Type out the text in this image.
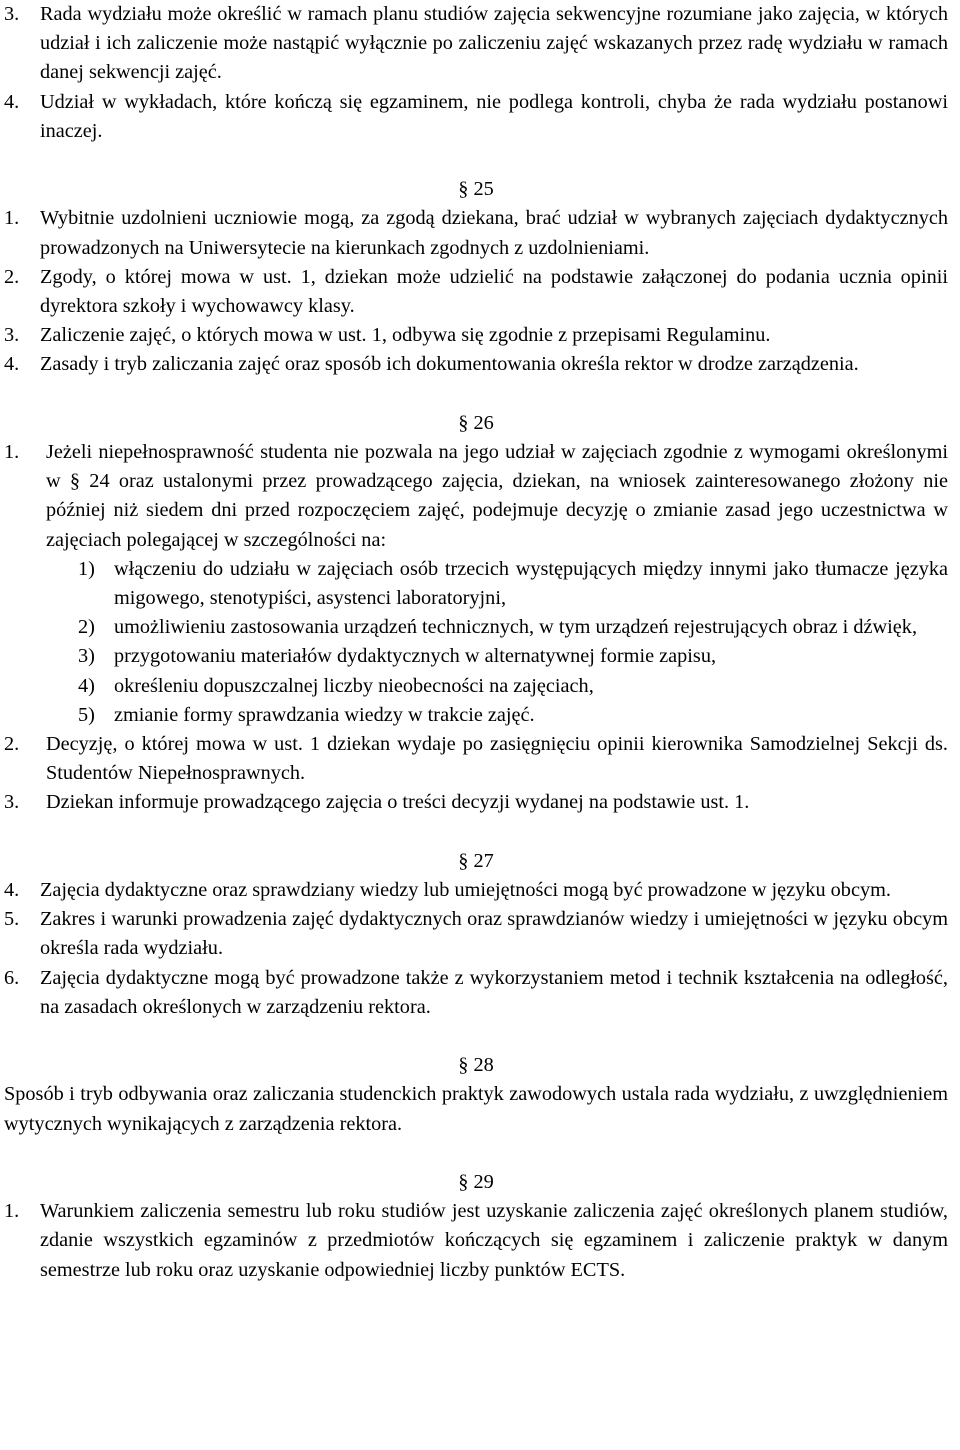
3.	Rada wydziału może określić w ramach planu studiów zajęcia sekwencyjne rozumiane jako zajęcia, w których udział i ich zaliczenie może nastąpić wyłącznie po zaliczeniu zajęć wskazanych przez radę wydziału w ramach danej sekwencji zajęć.
4.	Udział w wykładach, które kończą się egzaminem, nie podlega kontroli, chyba że rada wydziału postanowi inaczej.
§ 25
1.	Wybitnie uzdolnieni uczniowie mogą, za zgodą dziekana, brać udział w wybranych zajęciach dydaktycznych prowadzonych na Uniwersytecie na kierunkach zgodnych z uzdolnieniami.
2.	Zgody, o której mowa w ust. 1, dziekan może udzielić na podstawie załączonej do podania ucznia opinii dyrektora szkoły i wychowawcy klasy.
3.	Zaliczenie zajęć, o których mowa w ust. 1, odbywa się zgodnie z przepisami Regulaminu.
4.	Zasady i tryb zaliczania zajęć oraz sposób ich dokumentowania określa rektor w drodze zarządzenia.
§ 26
1.	Jeżeli niepełnosprawność studenta nie pozwala na jego udział w zajęciach zgodnie z wymogami określonymi w § 24 oraz ustalonymi przez prowadzącego zajęcia, dziekan, na wniosek zainteresowanego złożony nie później niż siedem dni przed rozpoczęciem zajęć, podejmuje decyzję o zmianie zasad jego uczestnictwa w zajęciach polegającej w szczególności na:
1) włączeniu do udziału w zajęciach osób trzecich występujących między innymi jako tłumacze języka migowego, stenotypiści, asystenci laboratoryjni,
2) umożliwieniu zastosowania urządzeń technicznych, w tym urządzeń rejestrujących obraz i dźwięk,
3) przygotowaniu materiałów dydaktycznych w alternatywnej formie zapisu,
4) określeniu dopuszczalnej liczby nieobecności na zajęciach,
5) zmianie formy sprawdzania wiedzy w trakcie zajęć.
2.	Decyzję, o której mowa w ust. 1 dziekan wydaje po zasięgnięciu opinii kierownika Samodzielnej Sekcji ds. Studentów Niepełnosprawnych.
3.	Dziekan informuje prowadzącego zajęcia o treści decyzji wydanej na podstawie ust. 1.
§ 27
4.	Zajęcia dydaktyczne oraz sprawdziany wiedzy lub umiejętności mogą być prowadzone w języku obcym.
5.	Zakres i warunki prowadzenia zajęć dydaktycznych oraz sprawdzianów wiedzy i umiejętności w języku obcym określa rada wydziału.
6.	Zajęcia dydaktyczne mogą być prowadzone także z wykorzystaniem metod i technik kształcenia na odległość, na zasadach określonych w zarządzeniu rektora.
§ 28

Sposób i tryb odbywania oraz zaliczania studenckich praktyk zawodowych ustala rada wydziału, z uwzględnieniem wytycznych wynikających z zarządzenia rektora.

§ 29
1.	Warunkiem zaliczenia semestru lub roku studiów jest uzyskanie zaliczenia zajęć określonych planem studiów, zdanie wszystkich egzaminów z przedmiotów kończących się egzaminem i zaliczenie praktyk w danym semestrze lub roku oraz uzyskanie odpowiedniej liczby punktów ECTS.
